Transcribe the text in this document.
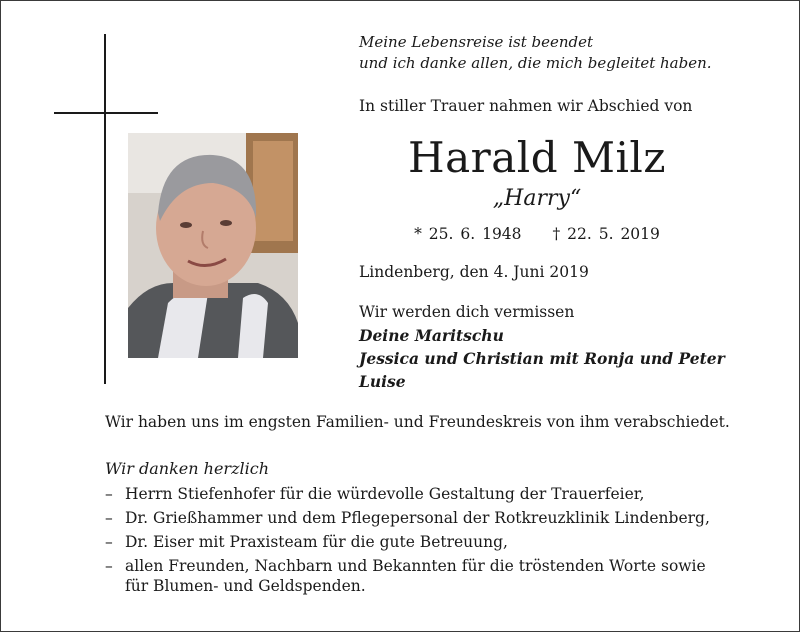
Meine Lebensreise ist beendet
und ich danke allen, die mich begleitet haben.
In stiller Trauer nahmen wir Abschied von
Harald Milz
„Harry“
* 25. 6. 1948 † 22. 5. 2019
Lindenberg, den 4. Juni 2019
Wir werden dich vermissen
Deine Maritschu
Jessica und Christian mit Ronja und Peter
Luise
Wir haben uns im engsten Familien- und Freundeskreis von ihm verabschiedet.
Wir danken herzlich
– Herrn Stiefenhofer für die würdevolle Gestaltung der Trauerfeier,
– Dr. Grießhammer und dem Pflegepersonal der Rotkreuzklinik Lindenberg,
– Dr. Eiser mit Praxisteam für die gute Betreuung,
– allen Freunden, Nachbarn und Bekannten für die tröstenden Worte sowie
für Blumen- und Geldspenden.
